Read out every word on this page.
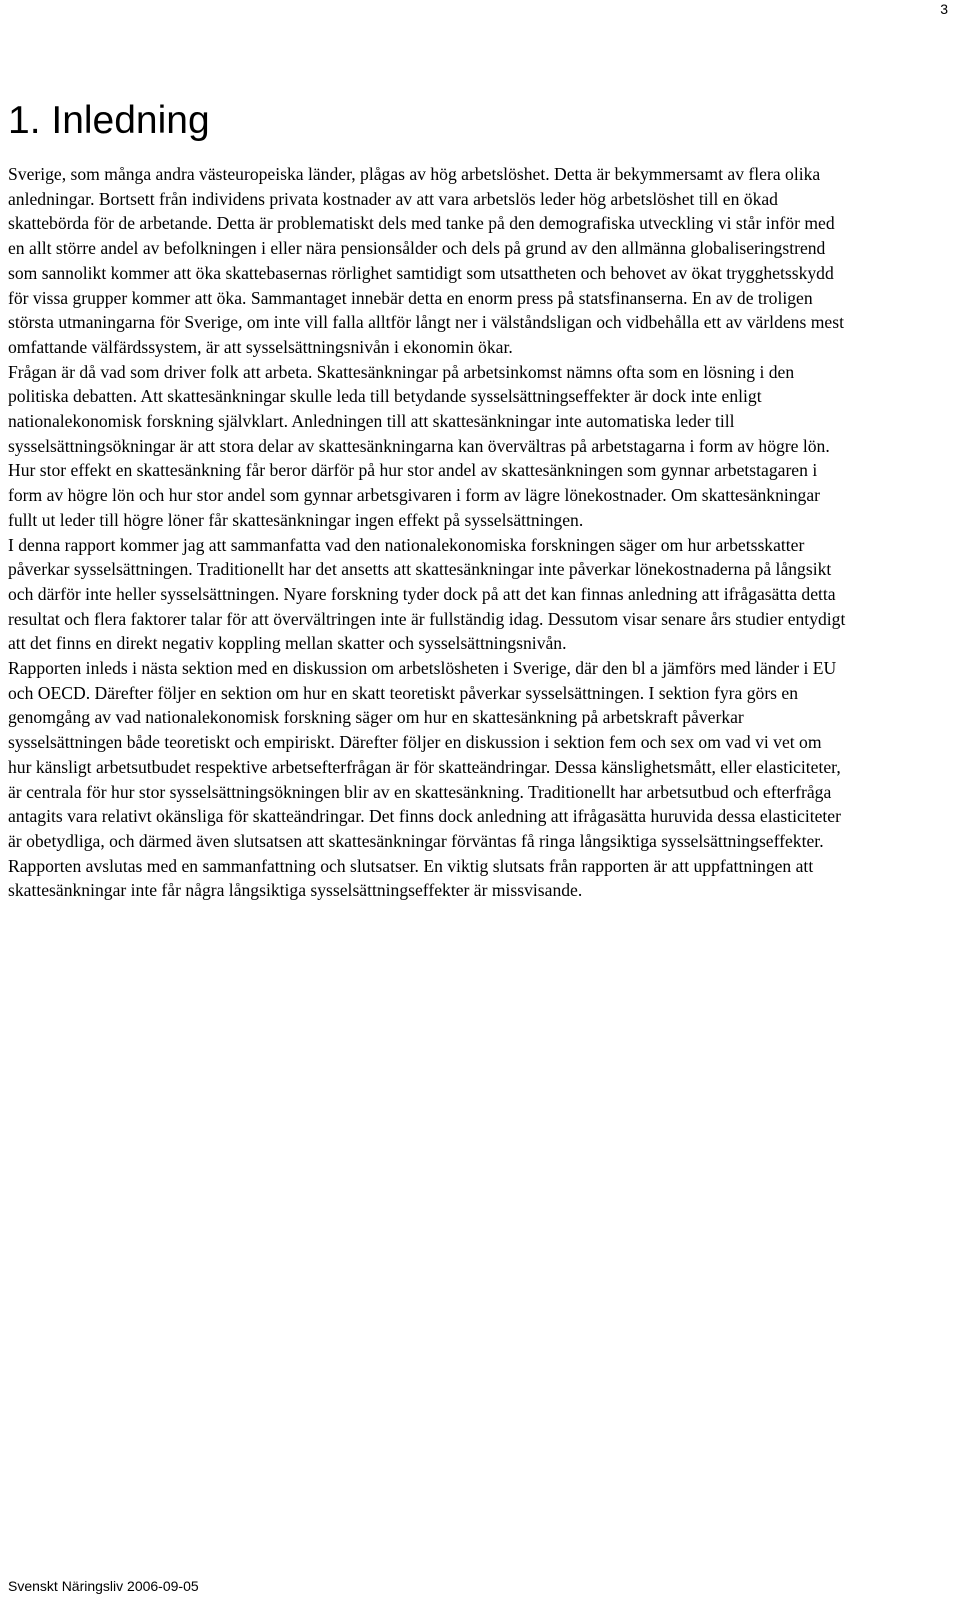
3
1. Inledning

Sverige, som många andra västeuropeiska länder, plågas av hög arbetslöshet. Detta är bekymmersamt av flera olika anledningar. Bortsett från individens privata kostnader av att vara arbetslös leder hög arbetslöshet till en ökad skattebörda för de arbetande. Detta är problematiskt dels med tanke på den demografiska utveckling vi står inför med en allt större andel av befolkningen i eller nära pensionsålder och dels på grund av den allmänna globaliseringstrend som sannolikt kommer att öka skattebasernas rörlighet samtidigt som utsattheten och behovet av ökat trygghetsskydd för vissa grupper kommer att öka. Sammantaget innebär detta en enorm press på statsfinanserna. En av de troligen största utmaningarna för Sverige, om inte vill falla alltför långt ner i välståndsligan och vidbehålla ett av världens mest omfattande välfärdssystem, är att sysselsättningsnivån i ekonomin ökar.

Frågan är då vad som driver folk att arbeta. Skattesänkningar på arbetsinkomst nämns ofta som en lösning i den politiska debatten. Att skattesänkningar skulle leda till betydande sysselsättningseffekter är dock inte enligt nationalekonomisk forskning självklart. Anledningen till att skattesänkningar inte automatiska leder till sysselsättningsökningar är att stora delar av skattesänkningarna kan övervältras på arbetstagarna i form av högre lön. Hur stor effekt en skattesänkning får beror därför på hur stor andel av skattesänkningen som gynnar arbetstagaren i form av högre lön och hur stor andel som gynnar arbetsgivaren i form av lägre lönekostnader. Om skattesänkningar fullt ut leder till högre löner får skattesänkningar ingen effekt på sysselsättningen.

I denna rapport kommer jag att sammanfatta vad den nationalekonomiska forskningen säger om hur arbetsskatter påverkar sysselsättningen. Traditionellt har det ansetts att skattesänkningar inte påverkar lönekostnaderna på långsikt och därför inte heller sysselsättningen. Nyare forskning tyder dock på att det kan finnas anledning att ifrågasätta detta resultat och flera faktorer talar för att övervältringen inte är fullständig idag. Dessutom visar senare års studier entydigt att det finns en direkt negativ koppling mellan skatter och sysselsättningsnivån.

Rapporten inleds i nästa sektion med en diskussion om arbetslösheten i Sverige, där den bl a jämförs med länder i EU och OECD. Därefter följer en sektion om hur en skatt teoretiskt påverkar sysselsättningen. I sektion fyra görs en genomgång av vad nationalekonomisk forskning säger om hur en skattesänkning på arbetskraft påverkar sysselsättningen både teoretiskt och empiriskt. Därefter följer en diskussion i sektion fem och sex om vad vi vet om hur känsligt arbetsutbudet respektive arbetsefterfrågan är för skatteändringar. Dessa känslighetsmått, eller elasticiteter, är centrala för hur stor sysselsättningsökningen blir av en skattesänkning. Traditionellt har arbetsutbud och efterfråga antagits vara relativt okänsliga för skatteändringar. Det finns dock anledning att ifrågasätta huruvida dessa elasticiteter är obetydliga, och därmed även slutsatsen att skattesänkningar förväntas få ringa långsiktiga sysselsättningseffekter. Rapporten avslutas med en sammanfattning och slutsatser. En viktig slutsats från rapporten är att uppfattningen att skattesänkningar inte får några långsiktiga sysselsättningseffekter är missvisande.

Svenskt Näringsliv 2006-09-05
